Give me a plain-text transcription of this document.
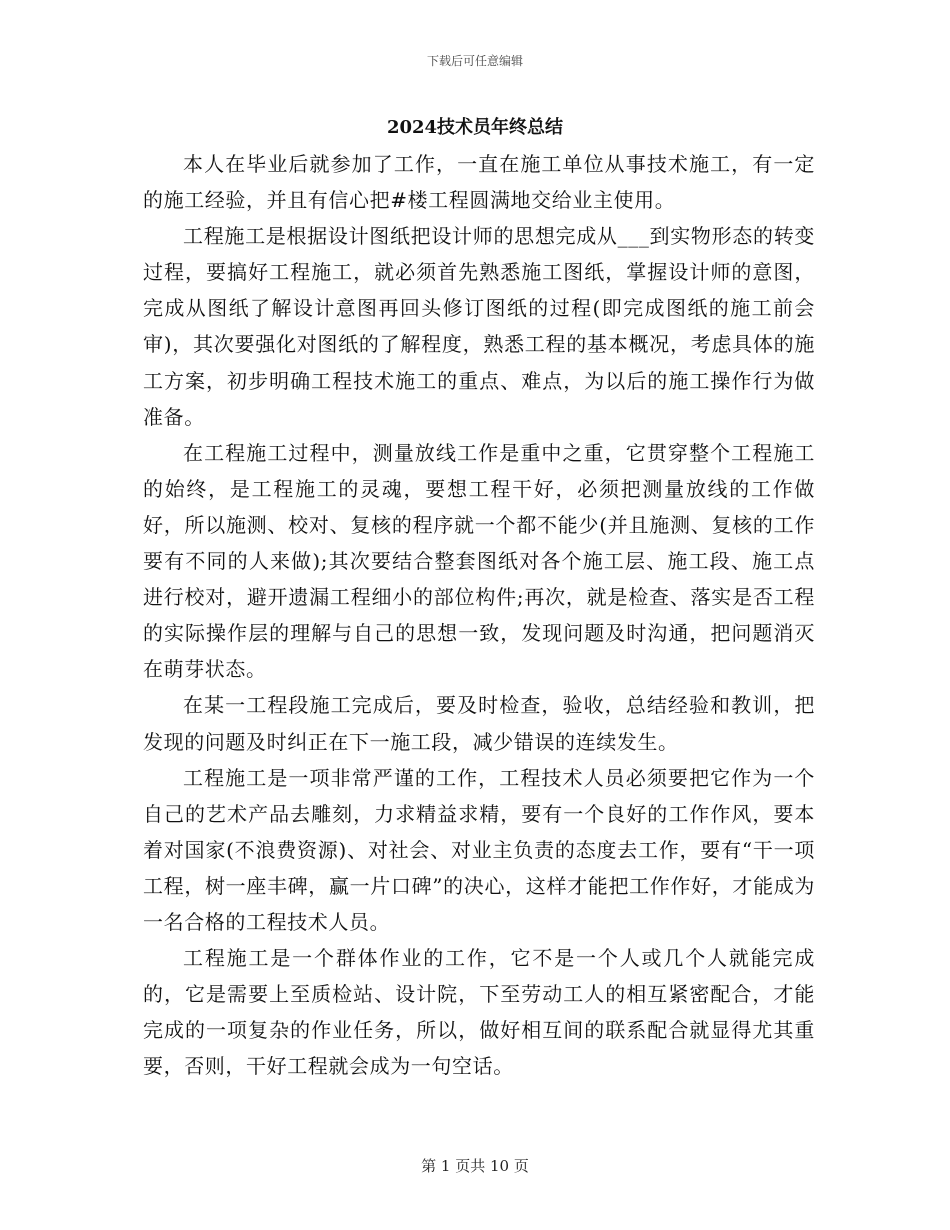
下载后可任意编辑
2024技术员年终总结

本人在毕业后就参加了工作，一直在施工单位从事技术施工，有一定的施工经验，并且有信心把#楼工程圆满地交给业主使用。

工程施工是根据设计图纸把设计师的思想完成从___到实物形态的转变过程，要搞好工程施工，就必须首先熟悉施工图纸，掌握设计师的意图，完成从图纸了解设计意图再回头修订图纸的过程(即完成图纸的施工前会审)，其次要强化对图纸的了解程度，熟悉工程的基本概况，考虑具体的施工方案，初步明确工程技术施工的重点、难点，为以后的施工操作行为做准备。

在工程施工过程中，测量放线工作是重中之重，它贯穿整个工程施工的始终，是工程施工的灵魂，要想工程干好，必须把测量放线的工作做好，所以施测、校对、复核的程序就一个都不能少(并且施测、复核的工作要有不同的人来做);其次要结合整套图纸对各个施工层、施工段、施工点进行校对，避开遗漏工程细小的部位构件;再次，就是检查、落实是否工程的实际操作层的理解与自己的思想一致，发现问题及时沟通，把问题消灭在萌芽状态。

在某一工程段施工完成后，要及时检查，验收，总结经验和教训，把发现的问题及时纠正在下一施工段，减少错误的连续发生。

工程施工是一项非常严谨的工作，工程技术人员必须要把它作为一个自己的艺术产品去雕刻，力求精益求精，要有一个良好的工作作风，要本着对国家(不浪费资源)、对社会、对业主负责的态度去工作，要有“干一项工程，树一座丰碑，赢一片口碑”的决心，这样才能把工作作好，才能成为一名合格的工程技术人员。

工程施工是一个群体作业的工作，它不是一个人或几个人就能完成的，它是需要上至质检站、设计院，下至劳动工人的相互紧密配合，才能完成的一项复杂的作业任务，所以，做好相互间的联系配合就显得尤其重要，否则，干好工程就会成为一句空话。

第 1 页共 10 页
